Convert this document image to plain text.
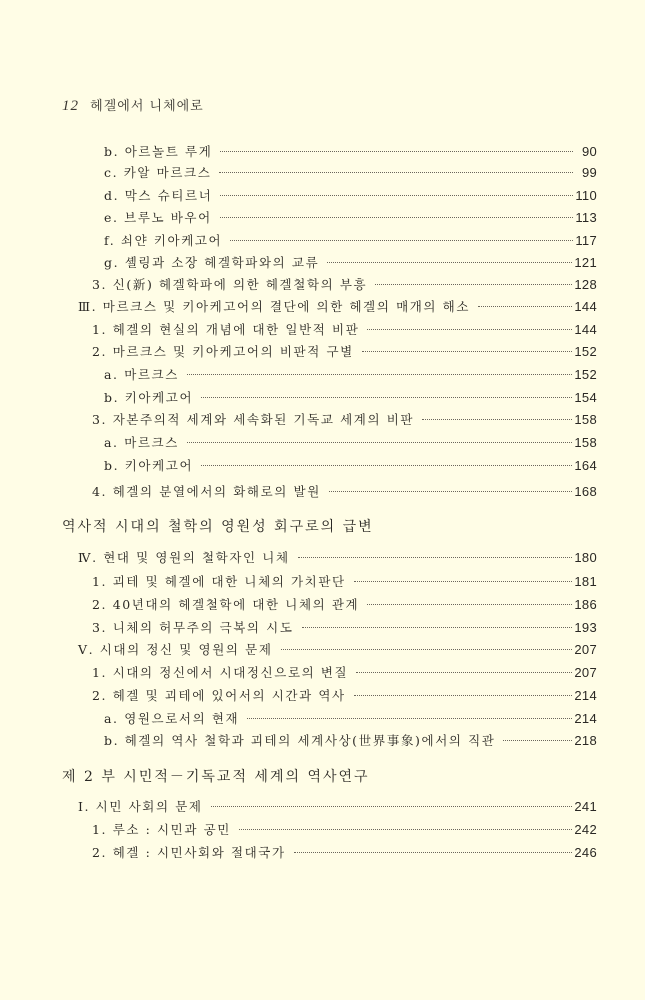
12 헤겔에서 니체에로
b. 아르놀트 루게	90
c. 카알 마르크스	99
d. 막스 슈티르너	110
e. 브루노 바우어	113
f. 쇠얀 키아케고어	117
g. 셸링과 소장 헤겔학파와의 교류	121
3. 신(新) 헤겔학파에 의한 헤겔철학의 부흥	128
Ⅲ. 마르크스 및 키아케고어의 결단에 의한 헤겔의 매개의 해소	144
1. 헤겔의 현실의 개념에 대한 일반적 비판	144
2. 마르크스 및 키아케고어의 비판적 구별	152
a. 마르크스	152
b. 키아케고어	154
3. 자본주의적 세계와 세속화된 기독교 세계의 비판	158
a. 마르크스	158
b. 키아케고어	164
4. 헤겔의 분열에서의 화해로의 발원	168
Ⅳ. 현대 및 영원의 철학자인 니체	180
1. 괴테 및 헤겔에 대한 니체의 가치판단	181
2. 40년대의 헤겔철학에 대한 니체의 관계	186
3. 니체의 허무주의 극복의 시도	193
Ⅴ. 시대의 정신 및 영원의 문제	207
1. 시대의 정신에서 시대정신으로의 변질	207
2. 헤겔 및 괴테에 있어서의 시간과 역사	214
a. 영원으로서의 현재	214
b. 헤겔의 역사 철학과 괴테의 세계사상(世界事象)에서의 직관	218
Ⅰ. 시민 사회의 문제	241
1. 루소 : 시민과 공민	242
2. 헤겔 : 시민사회와 절대국가	246
역사적 시대의 철학의 영원성 회구로의 급변
제 2 부 시민적－기독교적 세계의 역사연구
